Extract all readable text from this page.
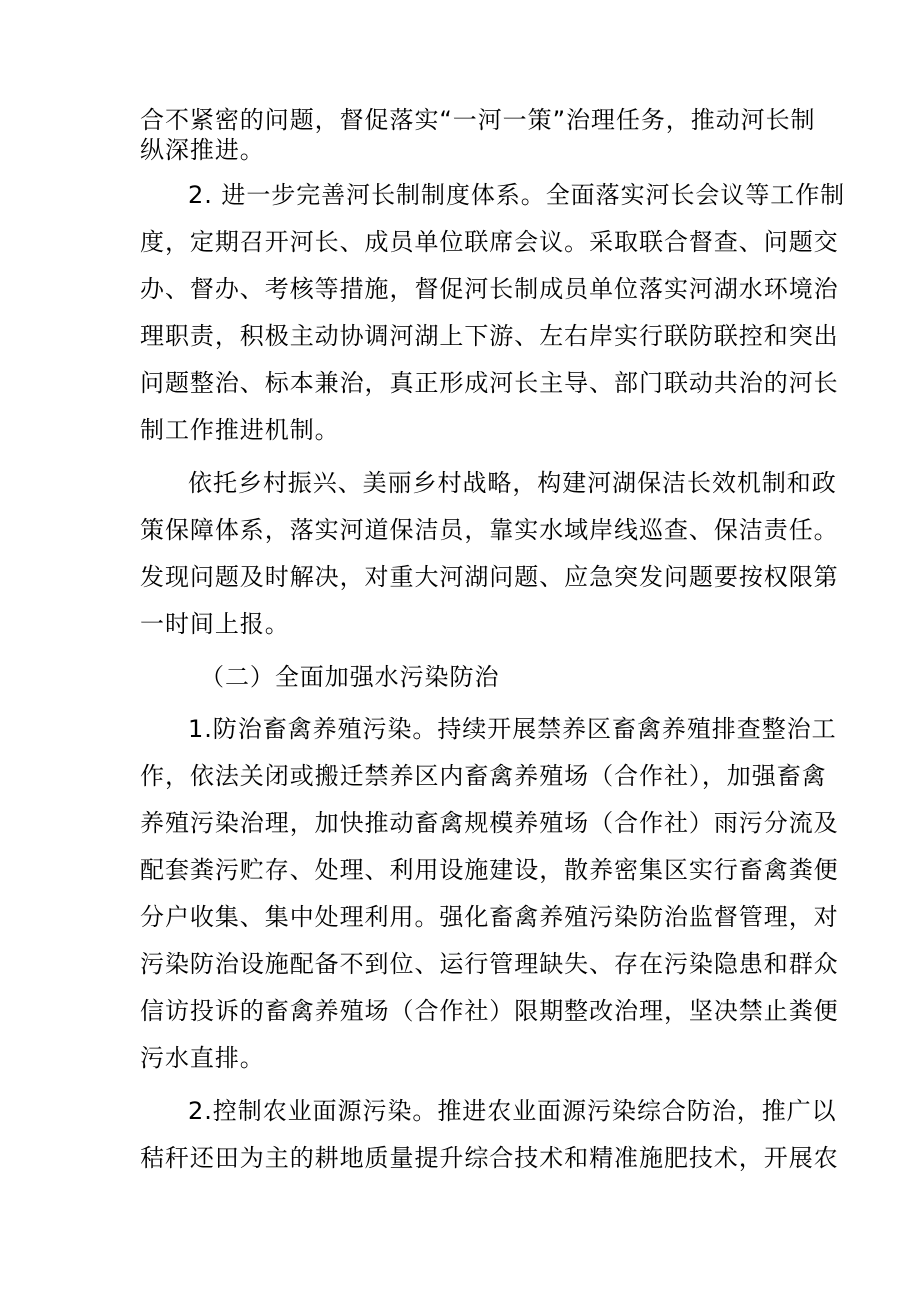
合不紧密的问题，督促落实“一河一策”治理任务，推动河长制
纵深推进。
2. 进一步完善河长制制度体系。全面落实河长会议等工作制
度，定期召开河长、成员单位联席会议。采取联合督查、问题交
办、督办、考核等措施，督促河长制成员单位落实河湖水环境治
理职责，积极主动协调河湖上下游、左右岸实行联防联控和突出
问题整治、标本兼治，真正形成河长主导、部门联动共治的河长
制工作推进机制。
依托乡村振兴、美丽乡村战略，构建河湖保洁长效机制和政
策保障体系，落实河道保洁员，靠实水域岸线巡查、保洁责任。
发现问题及时解决，对重大河湖问题、应急突发问题要按权限第
一时间上报。
（二）全面加强水污染防治
1.防治畜禽养殖污染。持续开展禁养区畜禽养殖排查整治工
作，依法关闭或搬迁禁养区内畜禽养殖场（合作社），加强畜禽
养殖污染治理，加快推动畜禽规模养殖场（合作社）雨污分流及
配套粪污贮存、处理、利用设施建设，散养密集区实行畜禽粪便
分户收集、集中处理利用。强化畜禽养殖污染防治监督管理，对
污染防治设施配备不到位、运行管理缺失、存在污染隐患和群众
信访投诉的畜禽养殖场（合作社）限期整改治理，坚决禁止粪便
污水直排。
2.控制农业面源污染。推进农业面源污染综合防治，推广以
秸秆还田为主的耕地质量提升综合技术和精准施肥技术，开展农
